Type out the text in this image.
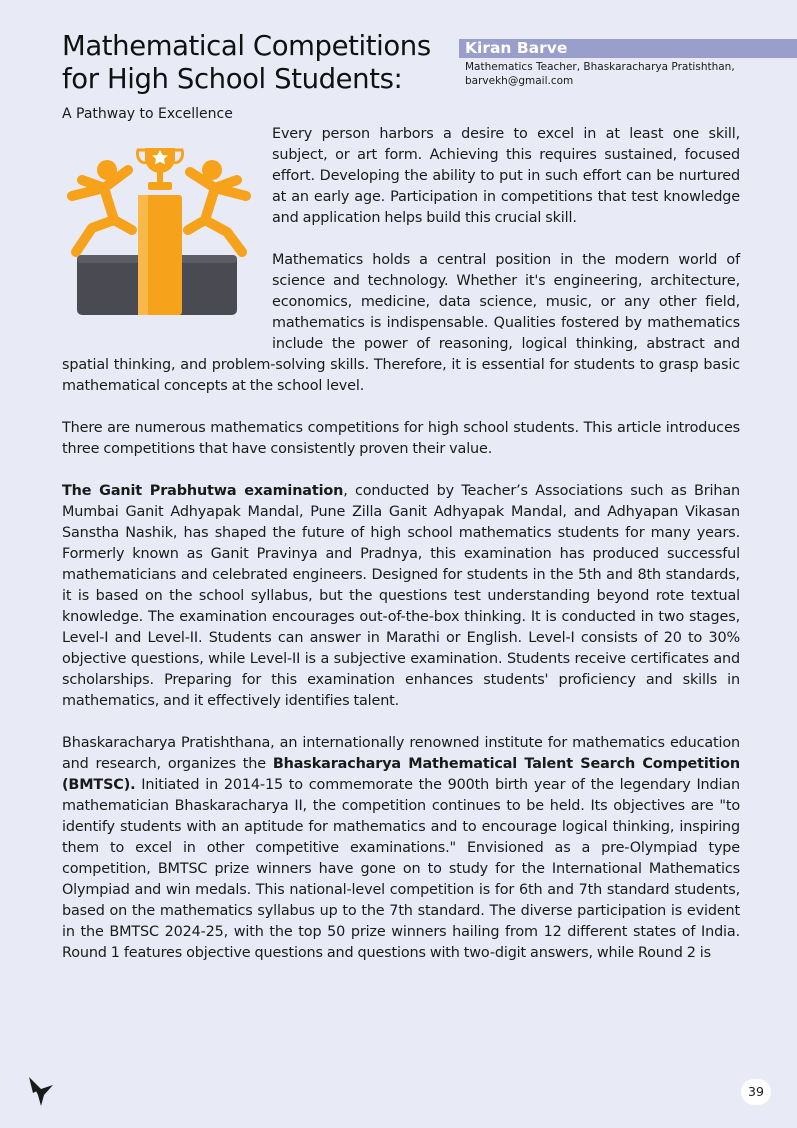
Mathematical Competitions
for High School Students:
Kiran Barve
Mathematics Teacher, Bhaskaracharya Pratishthan,
barvekh@gmail.com
A Pathway to Excellence

Every person harbors a desire to excel in at least one skill, subject, or art form. Achieving this requires sustained, focused effort. Developing the ability to put in such effort can be nurtured at an early age. Participation in competitions that test knowledge and application helps build this crucial skill.

Mathematics holds a central position in the modern world of science and technology. Whether it's engineering, architecture, economics, medicine, data science, music, or any other field, mathematics is indispensable. Qualities fostered by mathematics include the power of reasoning, logical thinking, abstract and spatial thinking, and problem-solving skills. Therefore, it is essential for students to grasp basic mathematical concepts at the school level.

There are numerous mathematics competitions for high school students. This article introduces three competitions that have consistently proven their value.

The Ganit Prabhutwa examination, conducted by Teacher’s Associations such as Brihan Mumbai Ganit Adhyapak Mandal, Pune Zilla Ganit Adhyapak Mandal, and Adhyapan Vikasan Sanstha Nashik, has shaped the future of high school mathematics students for many years. Formerly known as Ganit Pravinya and Pradnya, this examination has produced successful mathematicians and celebrated engineers. Designed for students in the 5th and 8th standards, it is based on the school syllabus, but the questions test understanding beyond rote textual knowledge. The examination encourages out-of-the-box thinking. It is conducted in two stages, Level-I and Level-II. Students can answer in Marathi or English. Level-I consists of 20 to 30% objective questions, while Level-II is a subjective examination. Students receive certificates and scholarships. Preparing for this examination enhances students' proficiency and skills in mathematics, and it effectively identifies talent.

Bhaskaracharya Pratishthana, an internationally renowned institute for mathematics education and research, organizes the Bhaskaracharya Mathematical Talent Search Competition (BMTSC). Initiated in 2014-15 to commemorate the 900th birth year of the legendary Indian mathematician Bhaskaracharya II, the competition continues to be held. Its objectives are "to identify students with an aptitude for mathematics and to encourage logical thinking, inspiring them to excel in other competitive examinations." Envisioned as a pre-Olympiad type competition, BMTSC prize winners have gone on to study for the International Mathematics Olympiad and win medals. This national-level competition is for 6th and 7th standard students, based on the mathematics syllabus up to the 7th standard. The diverse participation is evident in the BMTSC 2024-25, with the top 50 prize winners hailing from 12 different states of India. Round 1 features objective questions and questions with two-digit answers, while Round 2 is

39
